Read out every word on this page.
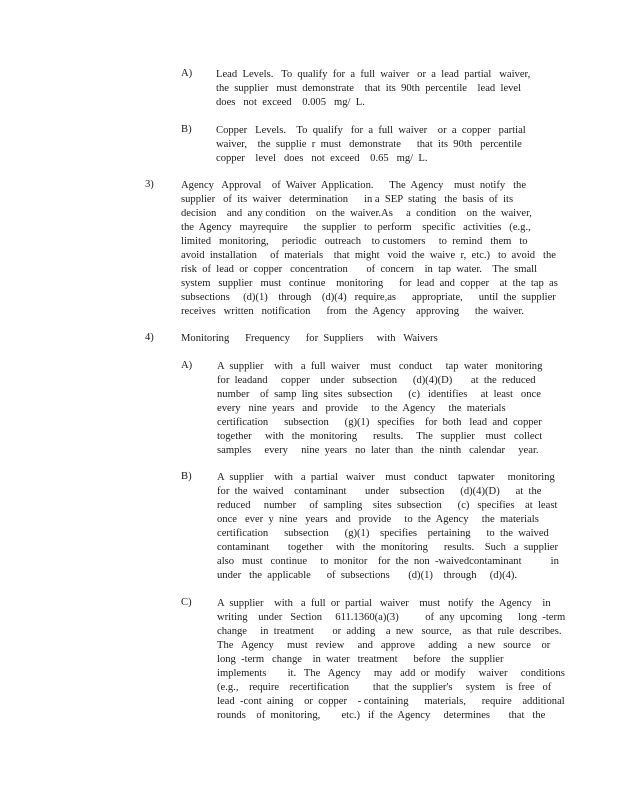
A) Lead  Levels.   To  qualify  for  a  full  waiver   or  a  lead  partial   waiver,
the  supplier   must  demonstrate    that  its  90th  percentile    lead  level
does   not  exceed    0.005   mg/  L.
B) Copper   Levels.    To  qualify   for  a  full  waiver    or  a  copper   partial
waiver,    the  supplie  r  must   demonstrate      that  its  90th   percentile
copper    level   does   not  exceed    0.65   mg/  L.
3)	Agency   Approval    of  Waiver  Application.      The  Agency    must  notify   the
supplier   of  its  waiver   determination      in a  SEP  stating   the  basis  of  its
decision    and  any condition    on  the  waiver.As     a  condition    on  the  waiver,
the  Agency   mayrequire      the  supplier   to  perform    specific   activities   (e.g.,
limited   monitoring,     periodic   outreach    to customers     to  remind   them   to
avoid  installation     of  materials    that  might   void  the  waive  r,  etc.)   to  avoid   the
risk  of  lead  or  copper   concentration       of  concern    in  tap  water.    The  small
system   supplier   must   continue    monitoring      for  lead  and  copper    at  the  tap  as
subsections     (d)(1)    through    (d)(4)   require,as      appropriate,      until  the  supplier
receives   written   notification      from   the  Agency    approving      the  waiver.
4)	Monitoring      Frequency      for  Suppliers     with   Waivers
A) A  supplier    with   a  full  waiver    must   conduct     tap  water   monitoring
for  leadand     copper    under   subsection      (d)(4)(D)       at  the  reduced
number    of  samp  ling  sites  subsection      (c)   identifies     at  least   once
every   nine  years   and   provide     to  the  Agency     the  materials
certification      subsection      (g)(1)   specifies    for  both   lead  and  copper
together     with   the  monitoring      results.     The   supplier    must   collect
samples     every     nine  years   no  later  than   the  ninth   calendar     year.
B) A  supplier    with   a  partial   waiver    must   conduct    tapwater     monitoring
for  the  waived    contaminant       under    subsection      (d)(4)(D)      at  the
reduced     number     of  sampling    sites  subsection      (c)   specifies    at  least
once   ever  y  nine   years   and   provide     to  the  Agency     the  materials
certification      subsection      (g)(1)    specifies    pertaining      to  the  waived
contaminant       together     with   the  monitoring      results.    Such   a  supplier
also   must   continue     to  monitor    for  the  non  -waivedcontaminant           in
under   the  applicable      of  subsections       (d)(1)    through     (d)(4).
C) A  supplier    with   a  full  or  partial   waiver    must   notify   the  Agency    in
writing    under   Section     611.1360(a)(3)          of  any  upcoming      long  -term
change     in  treatment       or  adding    a  new   source,    as  that  rule  describes.
The   Agency     must   review     and   approve     adding    a  new   source    or
long  -term   change    in  water   treatment      before    the  supplier
implements        it.   The   Agency     may   add  or  modify     waiver     conditions
(e.g.,    require    recertification         that  the  supplier's     system    is  free   of
lead  -cont  aining    or  copper    - containing      materials,      require    additional
rounds    of  monitoring,        etc.)   if  the  Agency     determines       that   the
